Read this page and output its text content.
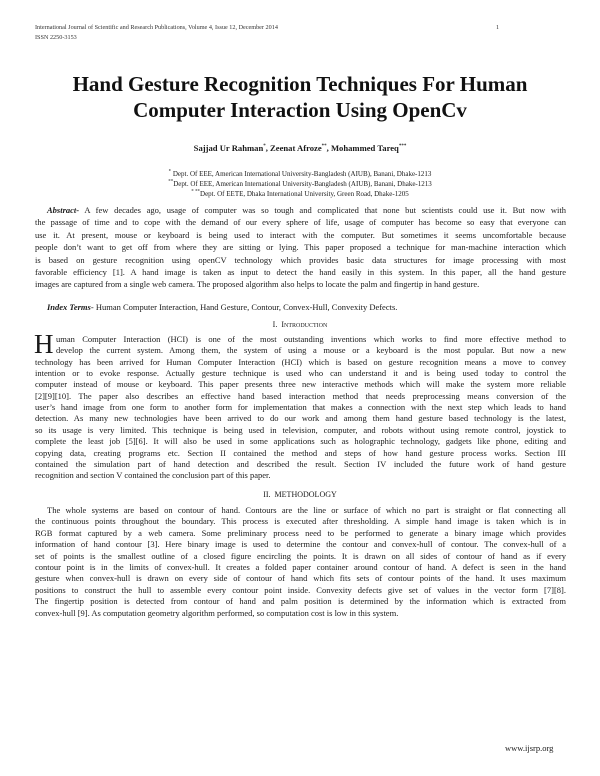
International Journal of Scientific and Research Publications, Volume 4, Issue 12, December 2014
ISSN 2250-3153
1
Hand Gesture Recognition Techniques For Human
Computer Interaction Using OpenCv
Sajjad Ur Rahman*, Zeenat Afroze**, Mohammed Tareq***
* Dept. Of EEE, American International University-Bangladesh (AIUB), Banani, Dhake-1213
**Dept. Of EEE, American International University-Bangladesh (AIUB), Banani, Dhake-1213
* **Dept. Of EETE, Dhaka International University, Green Road, Dhake-1205
Abstract- A few decades ago, usage of computer was so tough and complicated that none but scientists could use it. But now with
the passage of time and to cope with the demand of our every sphere of life, usage of computer has become so easy that everyone can
use it. At present, mouse or keyboard is being used to interact with the computer. But sometimes it seems uncomfortable because
people don’t want to get off from where they are sitting or lying. This paper proposed a technique for man-machine interaction which
is based on gesture recognition using openCV technology which provides basic data structures for image processing with most
favorable efficiency [1]. A hand image is taken as input to detect the hand easily in this system. In this paper, all the hand gesture
images are captured from a single web camera. The proposed algorithm also helps to locate the palm and fingertip in hand gesture.
Index Terms- Human Computer Interaction, Hand Gesture, Contour, Convex-Hull, Convexity Defects.
I. Introduction
H uman Computer Interaction (HCI) is one of the most outstanding inventions which works to find more effective method to
develop the current system. Among them, the system of using a mouse or a keyboard is the most popular. But now a new
technology has been arrived for Human Computer Interaction (HCI) which is based on gesture recognition means a move to convey
intention or to evoke response. Actually gesture technique is used who can understand it and is being used today to control the
computer instead of mouse or keyboard. This paper presents three new interactive methods which will make the system more reliable
[2][9][10]. The paper also describes an effective hand based interaction method that needs preprocessing means conversion of the
user’s hand image from one form to another form for implementation that makes a connection with the next step which leads to hand
detection. As many new technologies have been arrived to do our work and among them hand gesture based technology is the latest,
so its usage is very limited. This technique is being used in television, computer, and robots without using remote control, joystick to
complete the least job [5][6]. It will also be used in some applications such as holographic technology, gadgets like phone, editing and
copying data, creating programs etc. Section II contained the method and steps of how hand gesture process works. Section III
contained the simulation part of hand detection and described the result. Section IV included the future work of hand gesture
recognition and section V contained the conclusion part of this paper.
II. METHODOLOGY
The whole systems are based on contour of hand. Contours are the line or surface of which no part is straight or flat connecting all
the continuous points throughout the boundary. This process is executed after thresholding. A simple hand image is taken which is in
RGB format captured by a web camera. Some preliminary process need to be performed to generate a binary image which provides
information of hand contour [3]. Here binary image is used to determine the contour and convex-hull of contour. The convex-hull of a
set of points is the smallest outline of a closed figure encircling the points. It is drawn on all sides of contour of hand as if every
contour point is in the limits of convex-hull. It creates a folded paper container around contour of hand. A defect is seen in the hand
gesture when convex-hull is drawn on every side of contour of hand which fits sets of contour points of the hand. It uses maximum
positions to construct the hull to assemble every contour point inside. Convexity defects give set of values in the vector form [7][8].
The fingertip position is detected from contour of hand and palm position is determined by the information which is extracted from
convex-hull [9]. As computation geometry algorithm performed, so computation cost is low in this system.
www.ijsrp.org
